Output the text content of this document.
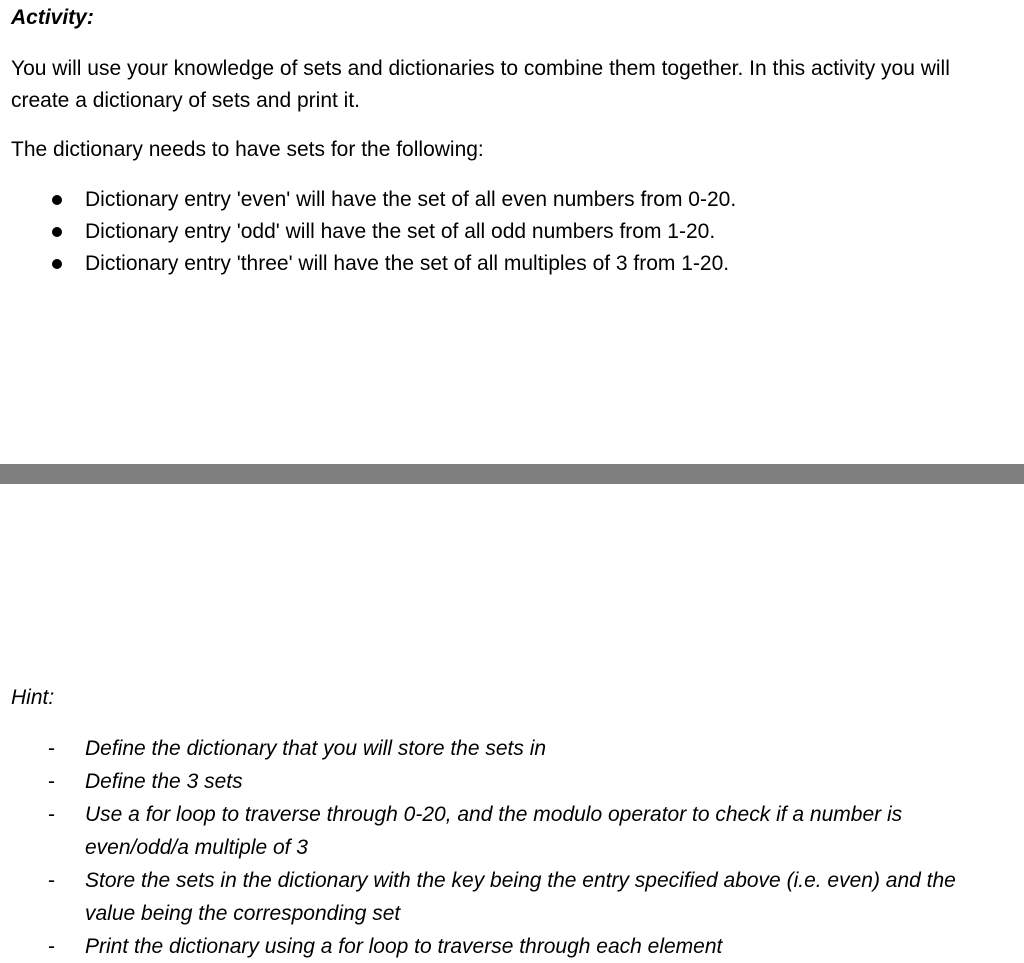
Activity:
You will use your knowledge of sets and dictionaries to combine them together. In this activity you will create a dictionary of sets and print it.
The dictionary needs to have sets for the following:
Dictionary entry 'even' will have the set of all even numbers from 0-20.
Dictionary entry 'odd' will have the set of all odd numbers from 1-20.
Dictionary entry 'three' will have the set of all multiples of 3 from 1-20.
Hint:
- Define the dictionary that you will store the sets in
- Define the 3 sets
- Use a for loop to traverse through 0-20, and the modulo operator to check if a number is even/odd/a multiple of 3
- Store the sets in the dictionary with the key being the entry specified above (i.e. even) and the value being the corresponding set
- Print the dictionary using a for loop to traverse through each element
